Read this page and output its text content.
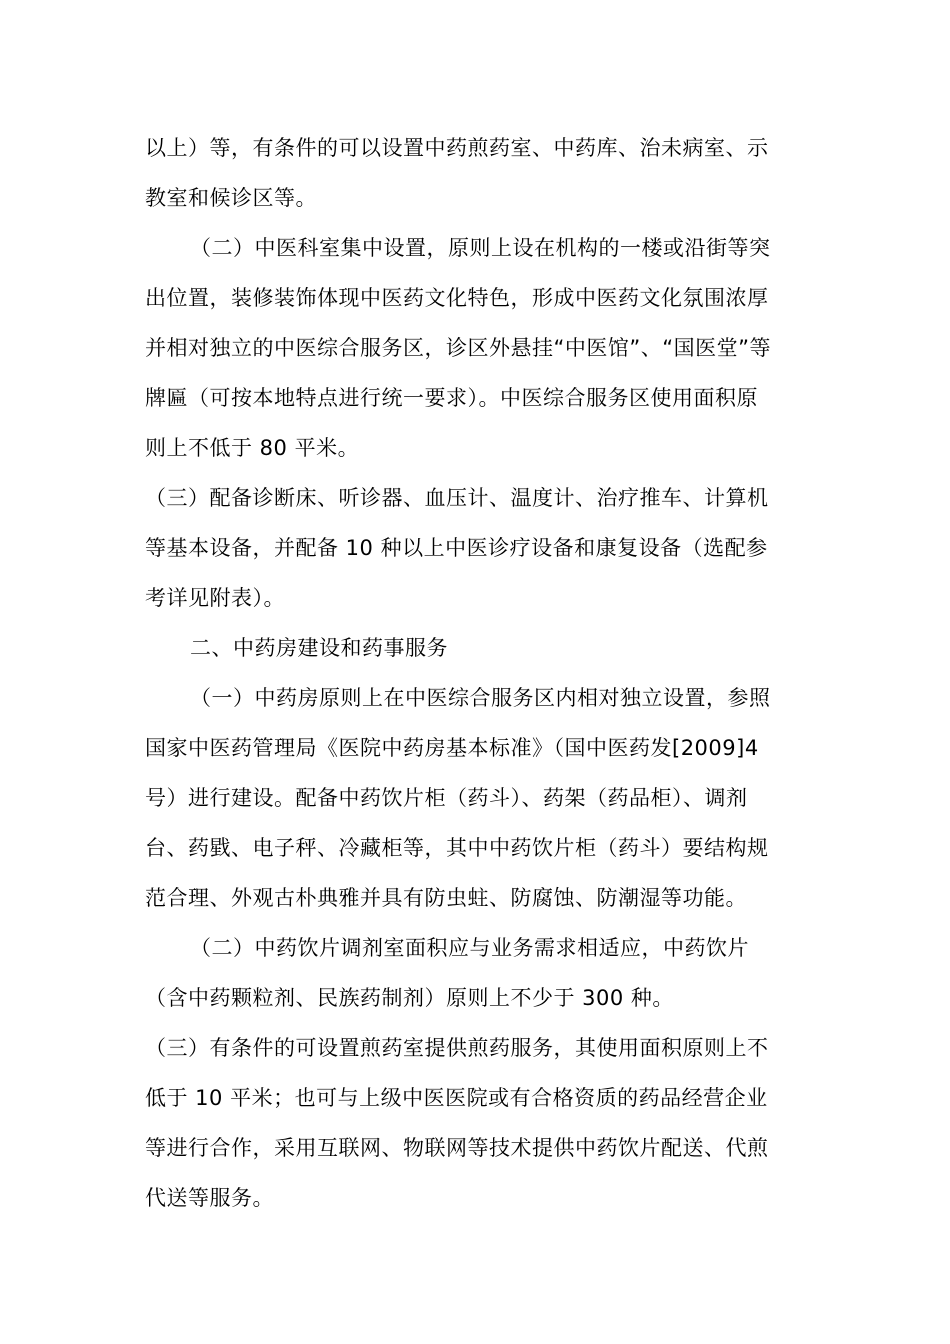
以上）等，有条件的可以设置中药煎药室、中药库、治未病室、示
教室和候诊区等。
（二）中医科室集中设置，原则上设在机构的一楼或沿街等突
出位置，装修装饰体现中医药文化特色，形成中医药文化氛围浓厚
并相对独立的中医综合服务区，诊区外悬挂“中医馆”、“国医堂”等
牌匾（可按本地特点进行统一要求）。中医综合服务区使用面积原
则上不低于 80 平米。
（三）配备诊断床、听诊器、血压计、温度计、治疗推车、计算机
等基本设备，并配备 10 种以上中医诊疗设备和康复设备（选配参
考详见附表）。
二、中药房建设和药事服务
（一）中药房原则上在中医综合服务区内相对独立设置，参照
国家中医药管理局《医院中药房基本标准》（国中医药发[2009]4
号）进行建设。配备中药饮片柜（药斗）、药架（药品柜）、调剂
台、药戥、电子秤、冷藏柜等，其中中药饮片柜（药斗）要结构规
范合理、外观古朴典雅并具有防虫蛀、防腐蚀、防潮湿等功能。
（二）中药饮片调剂室面积应与业务需求相适应，中药饮片
（含中药颗粒剂、民族药制剂）原则上不少于 300 种。
（三）有条件的可设置煎药室提供煎药服务，其使用面积原则上不
低于 10 平米；也可与上级中医医院或有合格资质的药品经营企业
等进行合作，采用互联网、物联网等技术提供中药饮片配送、代煎
代送等服务。
